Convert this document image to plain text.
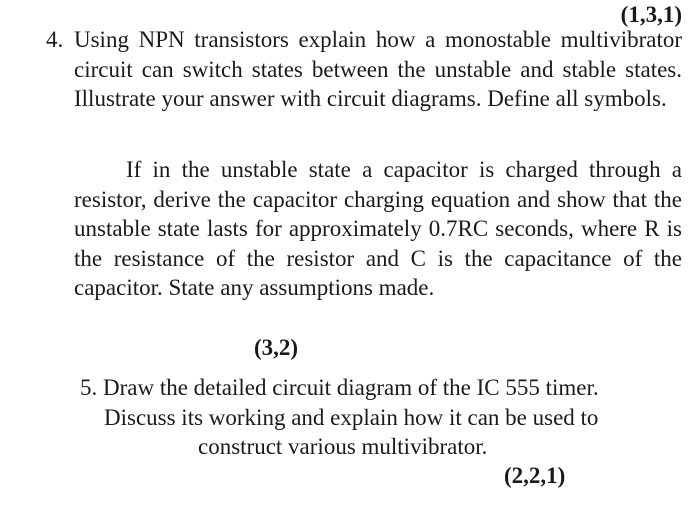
(1,3,1)
4. Using NPN transistors explain how a monostable multivibrator circuit can switch states between the unstable and stable states. Illustrate your answer with circuit diagrams. Define all symbols.
If in the unstable state a capacitor is charged through a resistor, derive the capacitor charging equation and show that the unstable state lasts for approximately 0.7RC seconds, where R is the resistance of the resistor and C is the capacitance of the capacitor. State any assumptions made.
(3,2)
5. Draw the detailed circuit diagram of the IC 555 timer.
Discuss its working and explain how it can be used to
construct various multivibrator.
(2,2,1)
